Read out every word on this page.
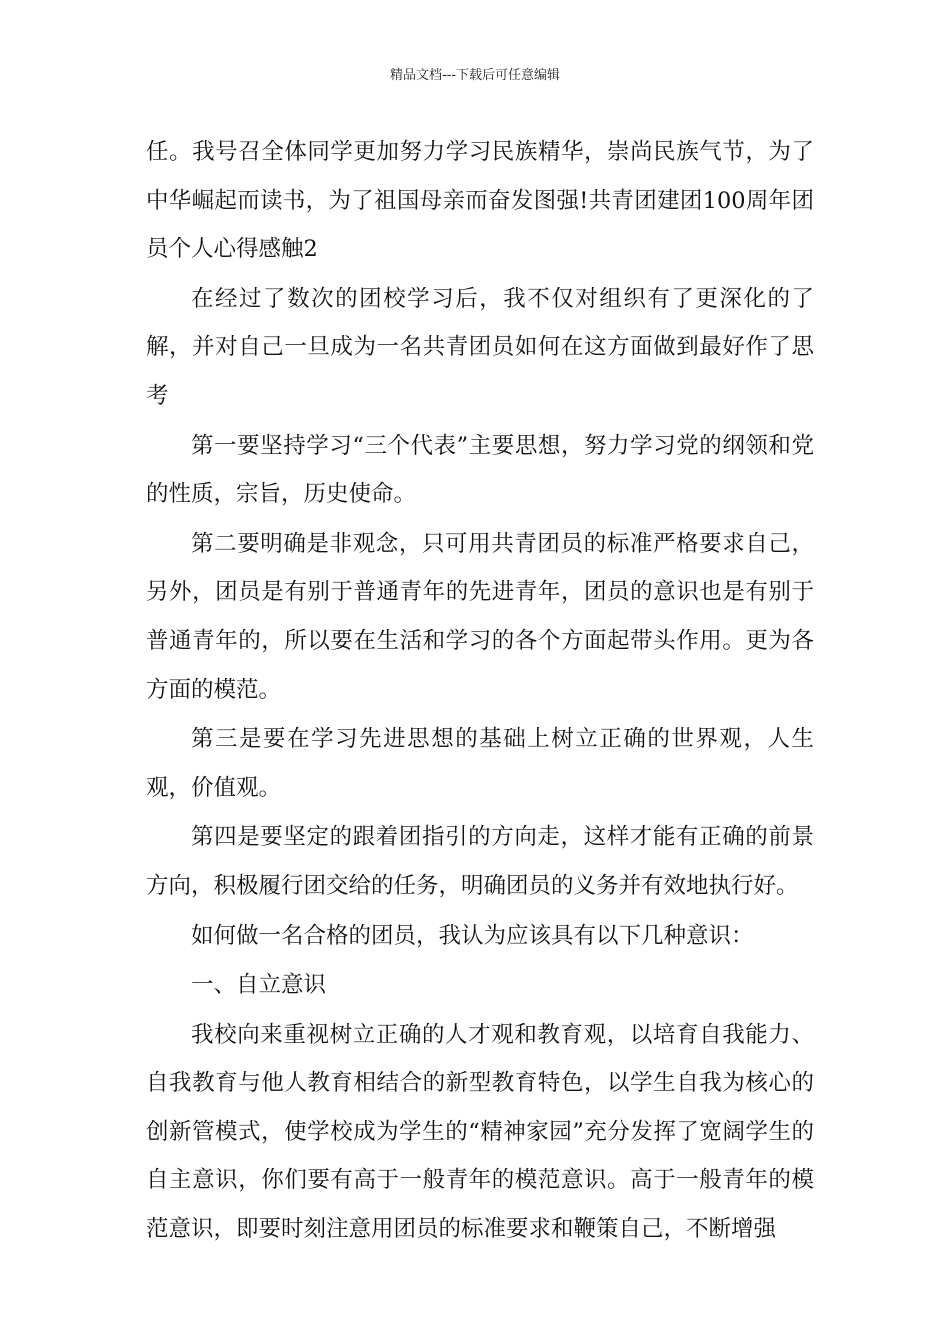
精品文档---下载后可任意编辑

任。我号召全体同学更加努力学习民族精华，崇尚民族气节，为了中华崛起而读书，为了祖国母亲而奋发图强!共青团建团100周年团员个人心得感触2

在经过了数次的团校学习后，我不仅对组织有了更深化的了解，并对自己一旦成为一名共青团员如何在这方面做到最好作了思考

第一要坚持学习“三个代表”主要思想，努力学习党的纲领和党的性质，宗旨，历史使命。

第二要明确是非观念，只可用共青团员的标准严格要求自己，另外，团员是有别于普通青年的先进青年，团员的意识也是有别于普通青年的，所以要在生活和学习的各个方面起带头作用。更为各方面的模范。

第三是要在学习先进思想的基础上树立正确的世界观，人生观，价值观。

第四是要坚定的跟着团指引的方向走，这样才能有正确的前景方向，积极履行团交给的任务，明确团员的义务并有效地执行好。

如何做一名合格的团员，我认为应该具有以下几种意识：

一、自立意识

我校向来重视树立正确的人才观和教育观，以培育自我能力、自我教育与他人教育相结合的新型教育特色，以学生自我为核心的创新管模式，使学校成为学生的“精神家园”充分发挥了宽阔学生的自主意识，你们要有高于一般青年的模范意识。高于一般青年的模范意识，即要时刻注意用团员的标准要求和鞭策自己，不断增强
